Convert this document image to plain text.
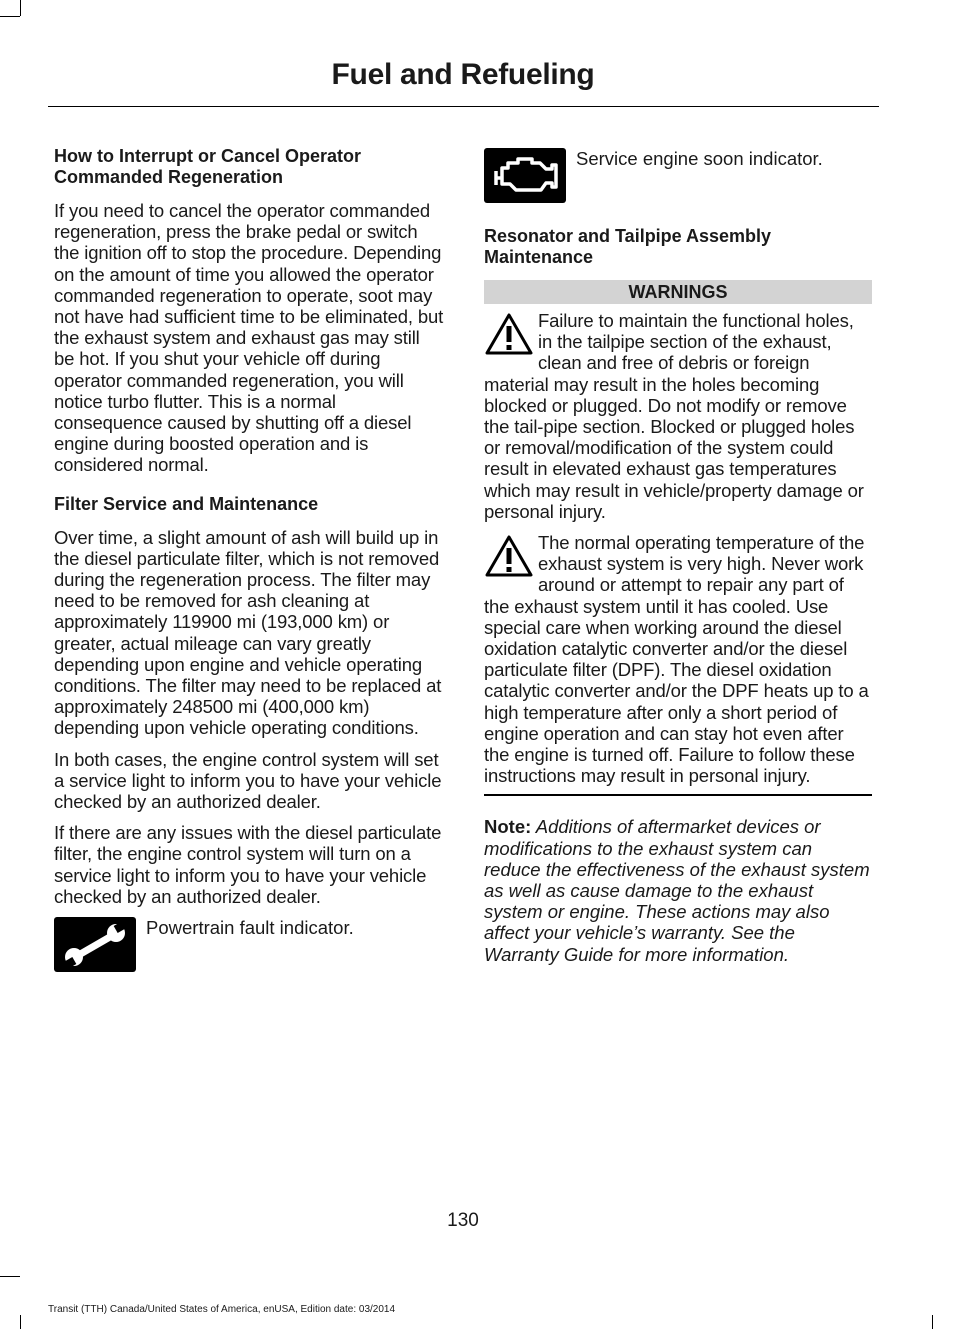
Fuel and Refueling
How to Interrupt or Cancel Operator Commanded Regeneration
If you need to cancel the operator commanded regeneration, press the brake pedal or switch the ignition off to stop the procedure. Depending on the amount of time you allowed the operator commanded regeneration to operate, soot may not have had sufficient time to be eliminated, but the exhaust system and exhaust gas may still be hot. If you shut your vehicle off during operator commanded regeneration, you will notice turbo flutter. This is a normal consequence caused by shutting off a diesel engine during boosted operation and is considered normal.
Filter Service and Maintenance
Over time, a slight amount of ash will build up in the diesel particulate filter, which is not removed during the regeneration process. The filter may need to be removed for ash cleaning at approximately 119900 mi (193,000 km) or greater, actual mileage can vary greatly depending upon engine and vehicle operating conditions. The filter may need to be replaced at approximately 248500 mi (400,000 km) depending upon vehicle operating conditions.
In both cases, the engine control system will set a service light to inform you to have your vehicle checked by an authorized dealer.
If there are any issues with the diesel particulate filter, the engine control system will turn on a service light to inform you to have your vehicle checked by an authorized dealer.
Powertrain fault indicator.
Service engine soon indicator.
Resonator and Tailpipe Assembly Maintenance
WARNINGS
Failure to maintain the functional holes, in the tailpipe section of the exhaust, clean and free of debris or foreign material may result in the holes becoming blocked or plugged. Do not modify or remove the tail-pipe section. Blocked or plugged holes or removal/modification of the system could result in elevated exhaust gas temperatures which may result in vehicle/property damage or personal injury.
The normal operating temperature of the exhaust system is very high. Never work around or attempt to repair any part of the exhaust system until it has cooled. Use special care when working around the diesel oxidation catalytic converter and/or the diesel particulate filter (DPF). The diesel oxidation catalytic converter and/or the DPF heats up to a high temperature after only a short period of engine operation and can stay hot even after the engine is turned off. Failure to follow these instructions may result in personal injury.
Note: Additions of aftermarket devices or modifications to the exhaust system can reduce the effectiveness of the exhaust system as well as cause damage to the exhaust system or engine. These actions may also affect your vehicle’s warranty. See the Warranty Guide for more information.
130
Transit (TTH) Canada/United States of America, enUSA, Edition date: 03/2014
